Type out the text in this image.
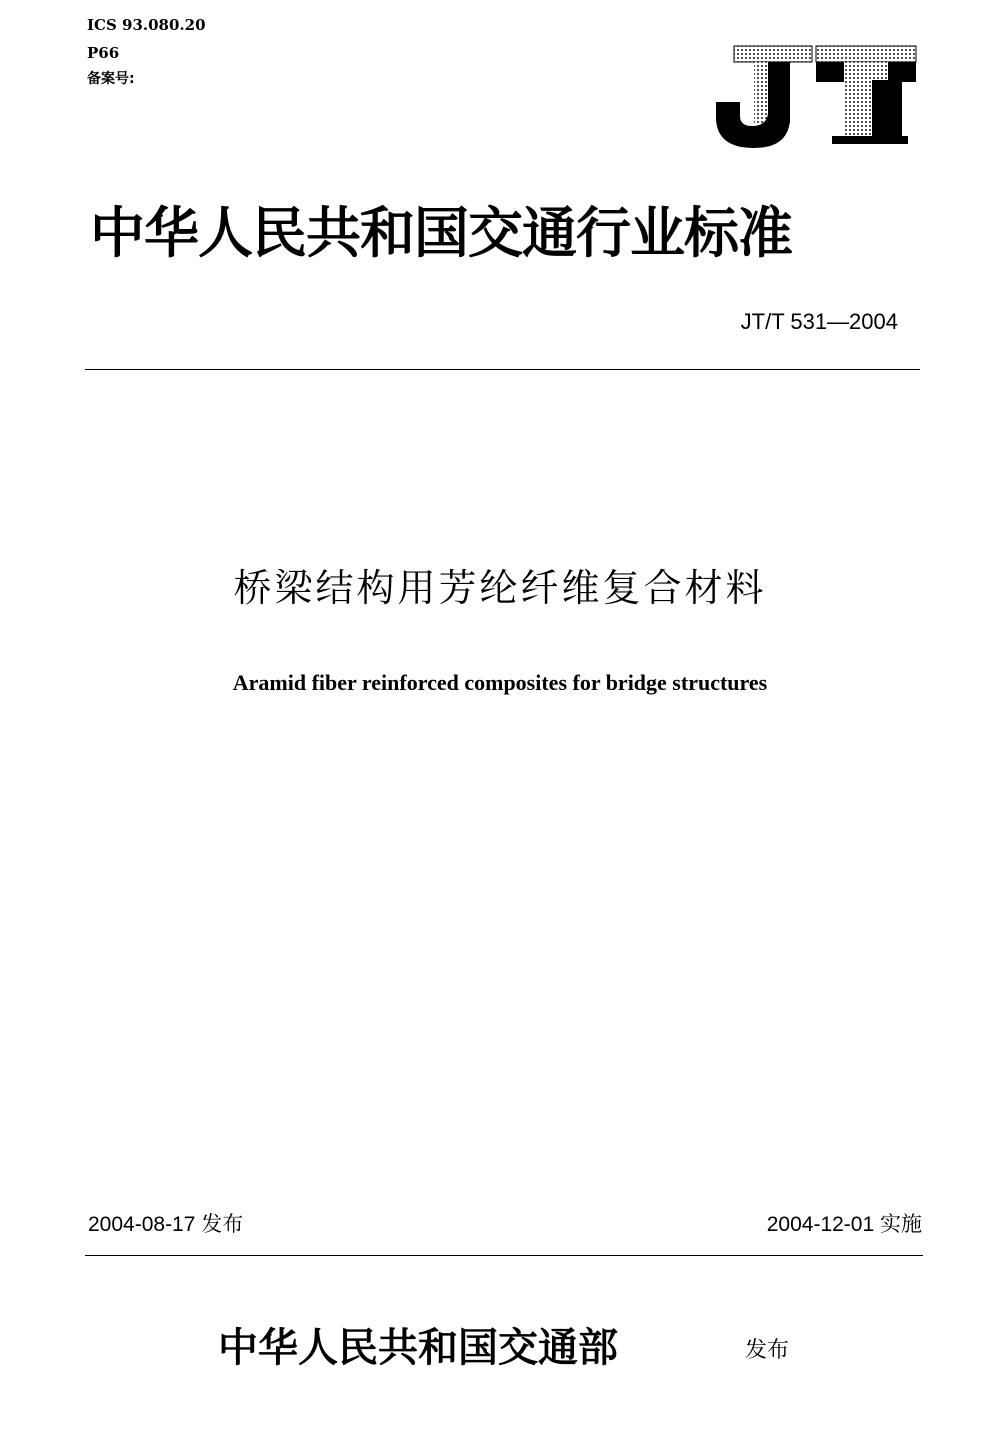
ICS 93.080.20
P66
备案号:
中华人民共和国交通行业标准
JT/T 531—2004
桥梁结构用芳纶纤维复合材料
Aramid fiber reinforced composites for bridge structures
2004-08-17 发布	2004-12-01 实施
中华人民共和国交通部	发布
